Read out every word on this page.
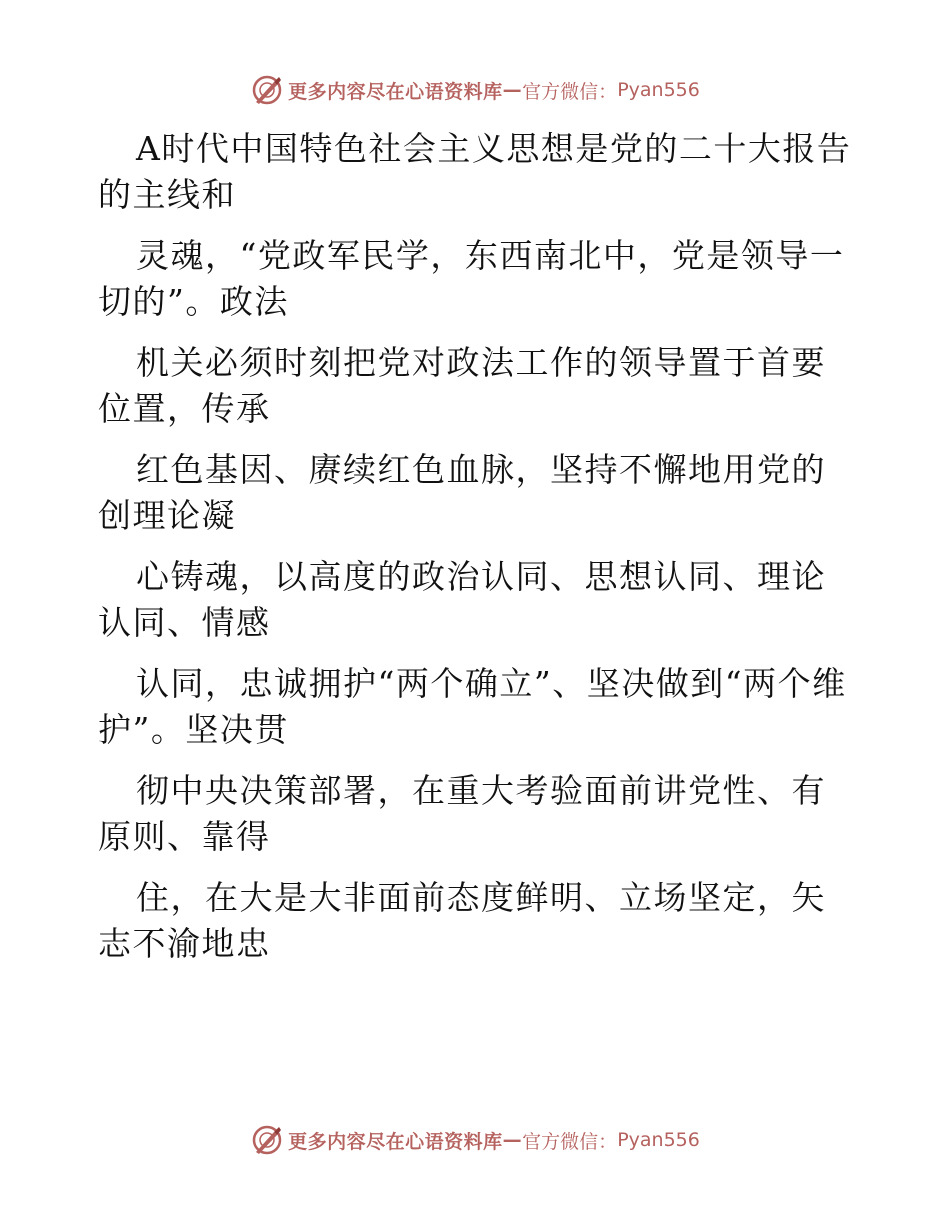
更多内容尽在心语资料库 — 官方微信： Pyan556

A时代中国特色社会主义思想是党的二十大报告的主线和

灵魂，“党政军民学，东西南北中，党是领导一切的”。政法

机关必须时刻把党对政法工作的领导置于首要位置，传承

红色基因、赓续红色血脉，坚持不懈地用党的创理论凝

心铸魂，以高度的政治认同、思想认同、理论认同、情感

认同，忠诚拥护“两个确立”、坚决做到“两个维护”。坚决贯

彻中央决策部署，在重大考验面前讲党性、有原则、靠得

住，在大是大非面前态度鲜明、立场坚定，矢志不渝地忠

更多内容尽在心语资料库 — 官方微信： Pyan556
